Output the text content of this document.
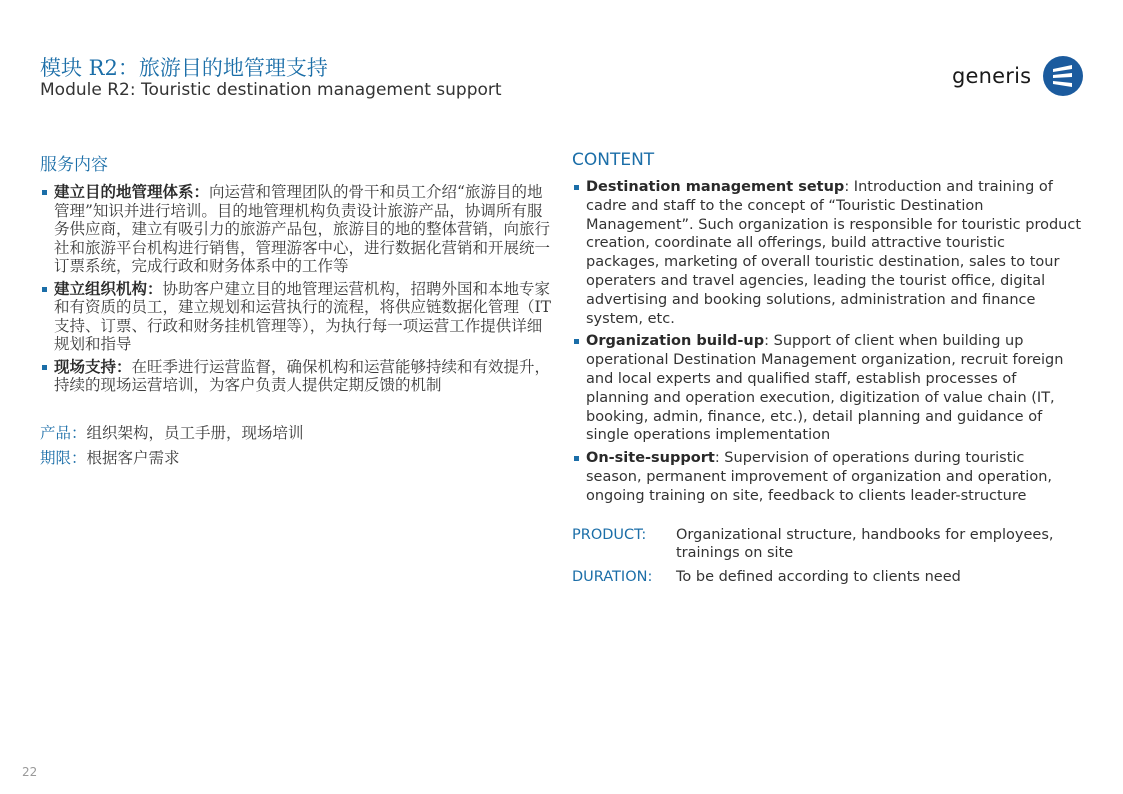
模块 R2：旅游目的地管理支持
Module R2: Touristic destination management support
generis
服务内容
建立目的地管理体系：向运营和管理团队的骨干和员工介绍“旅游目的地管理”知识并进行培训。目的地管理机构负责设计旅游产品，协调所有服务供应商，建立有吸引力的旅游产品包，旅游目的地的整体营销，向旅行社和旅游平台机构进行销售，管理游客中心，进行数据化营销和开展统一订票系统，完成行政和财务体系中的工作等
建立组织机构：协助客户建立目的地管理运营机构，招聘外国和本地专家和有资质的员工，建立规划和运营执行的流程，将供应链数据化管理（IT支持、订票、行政和财务挂机管理等），为执行每一项运营工作提供详细规划和指导
现场支持：在旺季进行运营监督，确保机构和运营能够持续和有效提升，持续的现场运营培训，为客户负责人提供定期反馈的机制
产品：组织架构，员工手册，现场培训
期限：根据客户需求
CONTENT
Destination management setup: Introduction and training of cadre and staff to the concept of “Touristic Destination Management”. Such organization is responsible for touristic product creation, coordinate all offerings, build attractive touristic packages, marketing of overall touristic destination, sales to tour operaters and travel agencies, leading the tourist office, digital advertising and booking solutions, administration and finance system, etc.
Organization build-up: Support of client when building up operational Destination Management organization, recruit foreign and local experts and qualified staff, establish processes of planning and operation execution, digitization of value chain (IT, booking, admin, finance, etc.), detail planning and guidance of single operations implementation
On-site-support: Supervision of operations during touristic season, permanent improvement of organization and operation, ongoing training on site, feedback to clients leader-structure
PRODUCT:	Organizational structure, handbooks for employees, trainings on site
DURATION:	To be defined according to clients need
22
